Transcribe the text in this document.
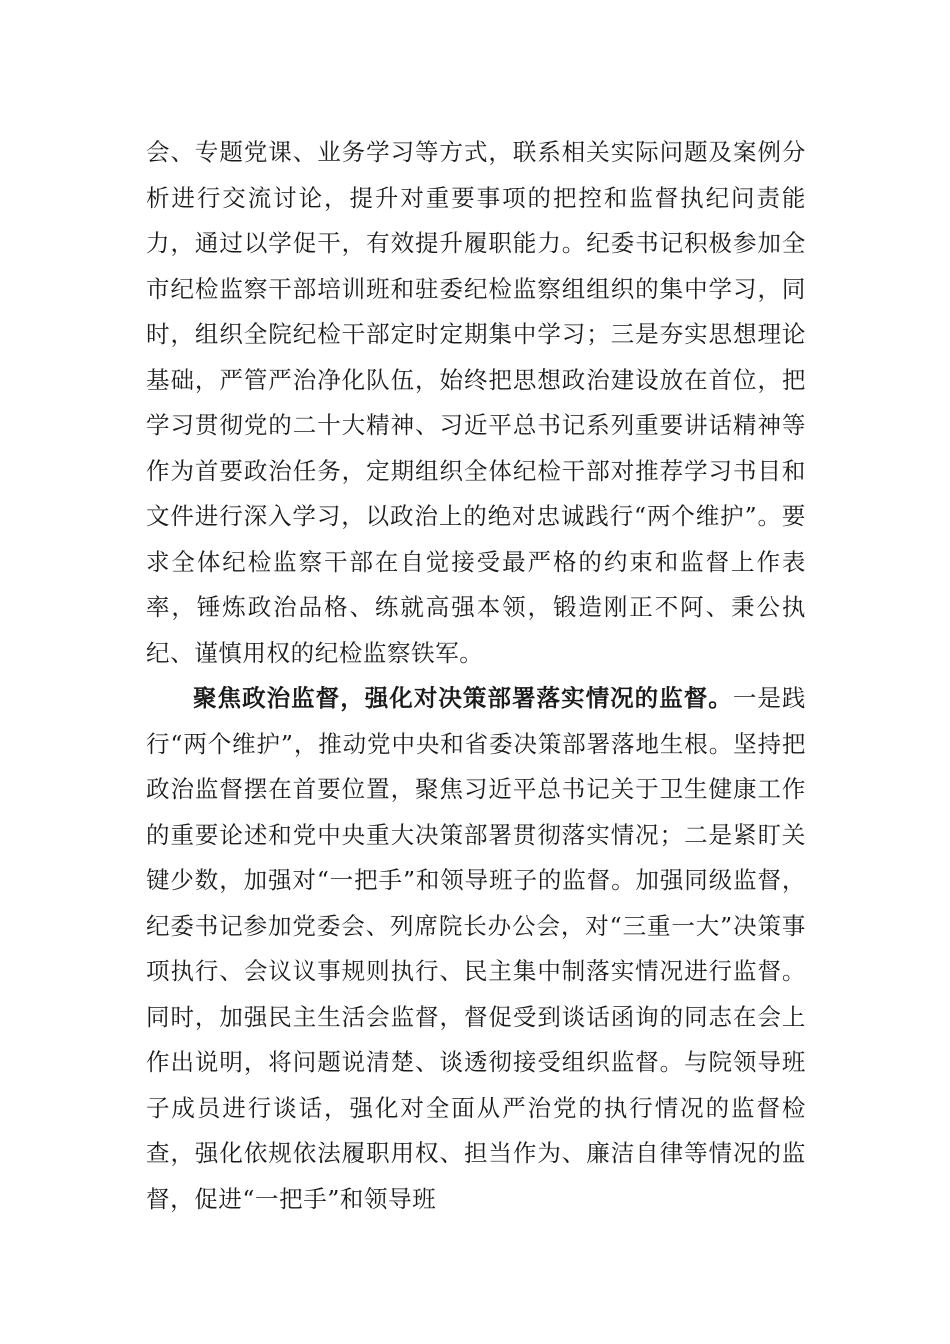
会、专题党课、业务学习等方式，联系相关实际问题及案例分析进行交流讨论，提升对重要事项的把控和监督执纪问责能力，通过以学促干，有效提升履职能力。纪委书记积极参加全市纪检监察干部培训班和驻委纪检监察组组织的集中学习，同时，组织全院纪检干部定时定期集中学习；三是夯实思想理论基础，严管严治净化队伍，始终把思想政治建设放在首位，把学习贯彻党的二十大精神、习近平总书记系列重要讲话精神等作为首要政治任务，定期组织全体纪检干部对推荐学习书目和文件进行深入学习，以政治上的绝对忠诚践行“两个维护”。要求全体纪检监察干部在自觉接受最严格的约束和监督上作表率，锤炼政治品格、练就高强本领，锻造刚正不阿、秉公执纪、谨慎用权的纪检监察铁军。

聚焦政治监督，强化对决策部署落实情况的监督。一是践行“两个维护”，推动党中央和省委决策部署落地生根。坚持把政治监督摆在首要位置，聚焦习近平总书记关于卫生健康工作的重要论述和党中央重大决策部署贯彻落实情况；二是紧盯关键少数，加强对“一把手”和领导班子的监督。加强同级监督，纪委书记参加党委会、列席院长办公会，对“三重一大”决策事项执行、会议议事规则执行、民主集中制落实情况进行监督。同时，加强民主生活会监督，督促受到谈话函询的同志在会上作出说明，将问题说清楚、谈透彻接受组织监督。与院领导班子成员进行谈话，强化对全面从严治党的执行情况的监督检查，强化依规依法履职用权、担当作为、廉洁自律等情况的监督，促进“一把手”和领导班
